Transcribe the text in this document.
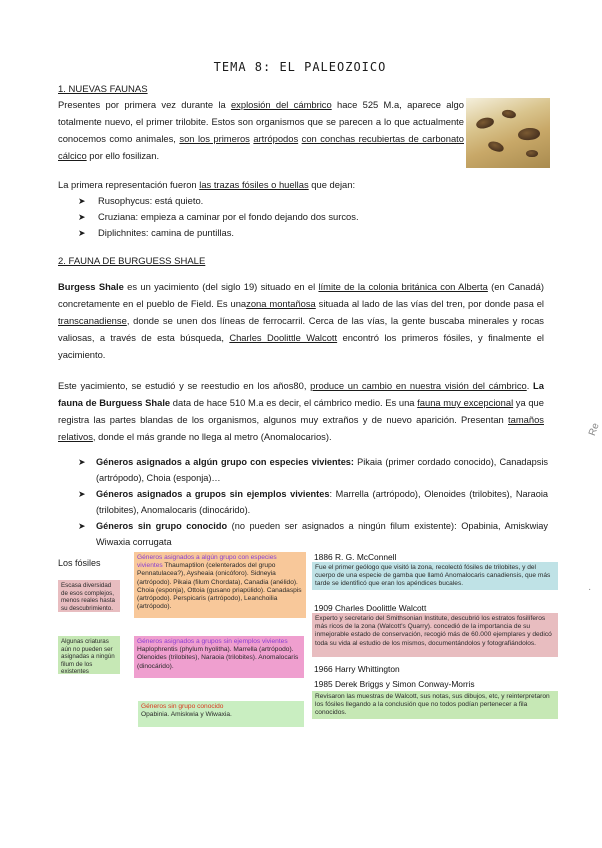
TEMA 8: EL PALEOZOICO
1. NUEVAS FAUNAS
Presentes por primera vez durante la explosión del cámbrico hace 525 M.a, aparece algo totalmente nuevo, el primer trilobite. Estos son organismos que se parecen a lo que actualmente conocemos como animales, son los primeros artrópodos con conchas recubiertas de carbonato cálcico por ello fosilizan.
La primera representación fueron las trazas fósiles o huellas que dejan:
➤ Rusophycus: está quieto.
➤ Cruziana: empieza a caminar por el fondo dejando dos surcos.
➤ Diplichnites: camina de puntillas.
2. FAUNA DE BURGUESS SHALE
Burgess Shale es un yacimiento (del siglo 19) situado en el límite de la colonia británica con Alberta (en Canadá) concretamente en el pueblo de Field. Es unazona montañosa situada al lado de las vías del tren, por donde pasa el transcanadiense, donde se unen dos líneas de ferrocarril. Cerca de las vías, la gente buscaba minerales y rocas valiosas, a través de esta búsqueda, Charles Doolittle Walcott encontró los primeros fósiles, y finalmente el yacimiento.
Este yacimiento, se estudió y se reestudio en los años80, produce un cambio en nuestra visión del cámbrico. La fauna de Burguess Shale data de hace 510 M.a es decir, el cámbrico medio. Es una fauna muy excepcional ya que registra las partes blandas de los organismos, algunos muy extraños y de nuevo aparición. Presentan tamaños relativos, donde el más grande no llega al metro (Anomalocarios).
➤	Géneros asignados a algún grupo con especies vivientes: Pikaia (primer cordado conocido), Canadapsis (artrópodo), Choia (esponja)…
➤	Géneros asignados a grupos sin ejemplos vivientes: Marrella (artrópodo), Olenoides (trilobites), Naraoia (trilobites), Anomalocaris (dinocárido).
➤	Géneros sin grupo conocido (no pueden ser asignados a ningún filum existente): Opabinia, Amiskwiay Wiwaxia corrugata
Los fósiles
Escasa diversidad de esos complejos, menos reales hasta su descubrimiento.
Algunas criaturas aún no pueden ser asignadas a ningún filum de los existentes
Géneros asignados a algún grupo con especies vivientes Thaumaptilon (celenterados del grupo Pennatulacea?), Aysheaia (onicóforo). Sidneyia (artrópodo). Pikaia (filum Chordata), Canadia (anélido). Choia (esponja), Ottoia (gusano priapúlido). Canadaspis (artrópodo). Perspicaris (artrópodo), Leanchoilia (artrópodo).
Géneros asignados a grupos sin ejemplos vivientes Haplophrentis (phylum hyolitha). Marrella (artrópodo). Olenoides (trilobites), Naraoia (trilobites). Anomalocaris (dinocárido).
Géneros sin grupo conocido
Opabinia. Amiskwia y Wiwaxia.
1886 R. G. McConnell
Fue el primer geólogo que visitó la zona, recolectó fósiles de trilobites, y del cuerpo de una especie de gamba que llamó Anomalocaris canadiensis, que más tarde se identificó que eran los apéndices bucales.
1909 Charles Doolittle Walcott
Experto y secretario del Smithsonian Institute, descubrió los estratos fosilíferos más ricos de la zona (Walcott's Quarry). concedió de la importancia de su inmejorable estado de conservación, recogió más de 60.000 ejemplares y dedicó toda su vida al estudio de los mismos, documentándolos y fotografiándolos.
1966 Harry Whittington
1985 Derek Briggs y Simon Conway-Morris
Revisaron las muestras de Walcott, sus notas, sus dibujos, etc, y reinterpretaron los fósiles llegando a la conclusión que no todos podían pertenecer a fila conocidos.
Re
·
